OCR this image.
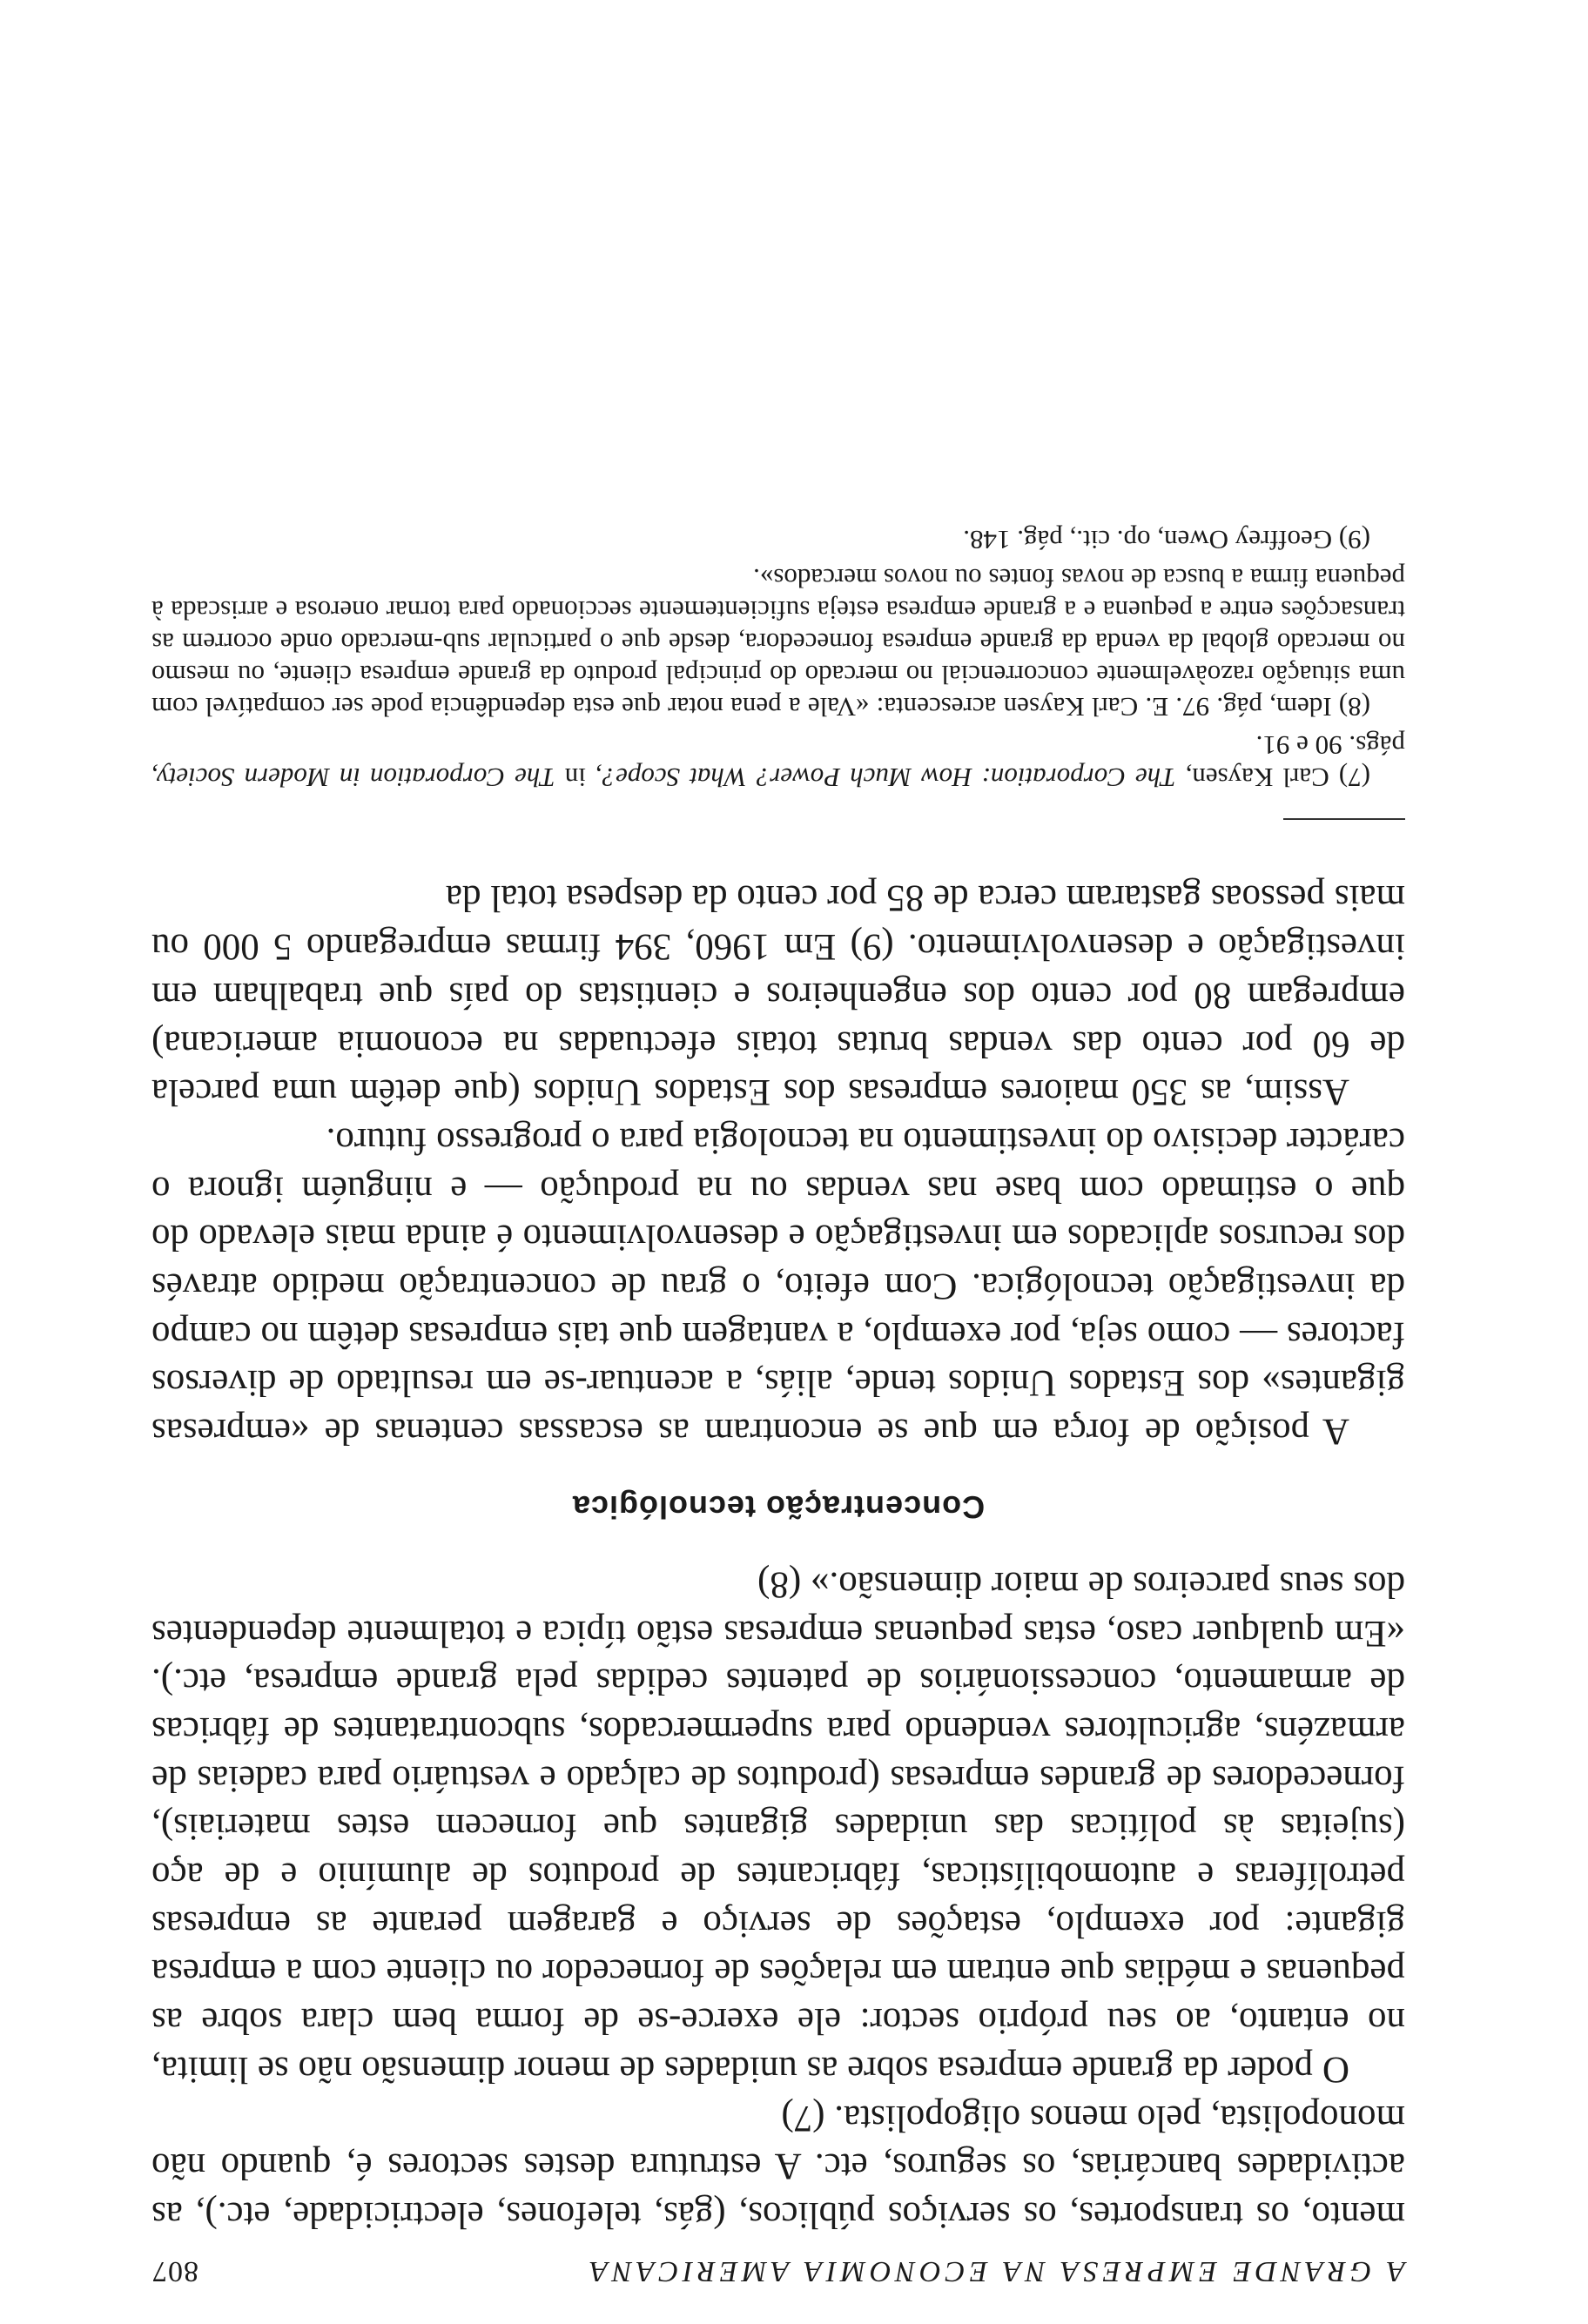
A GRANDE EMPRESA NA ECONOMIA AMERICANA
807

mento, os transportes, os serviços públicos, (gás, telefones, electricidade, etc.), as actividades bancárias, os seguros, etc. A estrutura destes sectores é, quando não monopolista, pelo menos oligopolista. (7)

O poder da grande empresa sobre as unidades de menor dimensão não se limita, no entanto, ao seu próprio sector: ele exerce-se de forma bem clara sobre as pequenas e médias que entram em relações de fornecedor ou cliente com a empresa gigante: por exemplo, estações de serviço e garagem perante as empresas petrolíferas e automobilísticas, fábricantes de produtos de alumínio e de aço (sujeitas às políticas das unidades gigantes que fornecem estes materiais), fornecedores de grandes empresas (produtos de calçado e vestuário para cadeias de armazéns, agricultores vendendo para supermercados, subcontratantes de fábricas de armamento, concessionários de patentes cedidas pela grande empresa, etc.). «Em qualquer caso, estas pequenas empresas estão típica e totalmente dependentes dos seus parceiros de maior dimensão.» (8)

Concentração tecnológica

A posição de força em que se encontram as escassas centenas de «empresas gigantes» dos Estados Unidos tende, aliás, a acentuar-se em resultado de diversos factores — como seja, por exemplo, a vantagem que tais empresas detêm no campo da investigação tecnológica. Com efeito, o grau de concentração medido através dos recursos aplicados em investigação e desenvolvimento é ainda mais elevado do que o estimado com base nas vendas ou na produção — e ninguém ignora o carácter decisivo do investimento na tecnologia para o progresso futuro.

Assim, as 350 maiores empresas dos Estados Unidos (que detêm uma parcela de 60 por cento das vendas brutas totais efectuadas na economia americana) empregam 80 por cento dos engenheiros e cientistas do país que trabalham em investigação e desenvolvimento. (9) Em 1960, 394 firmas empregando 5 000 ou mais pessoas gastaram cerca de 85 por cento da despesa total da

(7) Carl Kaysen, The Corporation: How Much Power? What Scope?, in The Corporation in Modern Society, págs. 90 e 91.

(8) Idem, pág. 97. E. Carl Kaysen acrescenta: «Vale a pena notar que esta dependência pode ser compatível com uma situação razoàvelmente concorrencial no mercado do principal produto da grande empresa cliente, ou mesmo no mercado global da venda da grande empresa fornecedora, desde que o particular sub-mercado onde ocorrem as transacções entre a pequena e a grande empresa esteja suficientemente seccionado para tornar onerosa e arriscada à pequena firma a busca de novas fontes ou novos mercados».

(9) Geoffrey Owen, op. cit., pág. 148.
